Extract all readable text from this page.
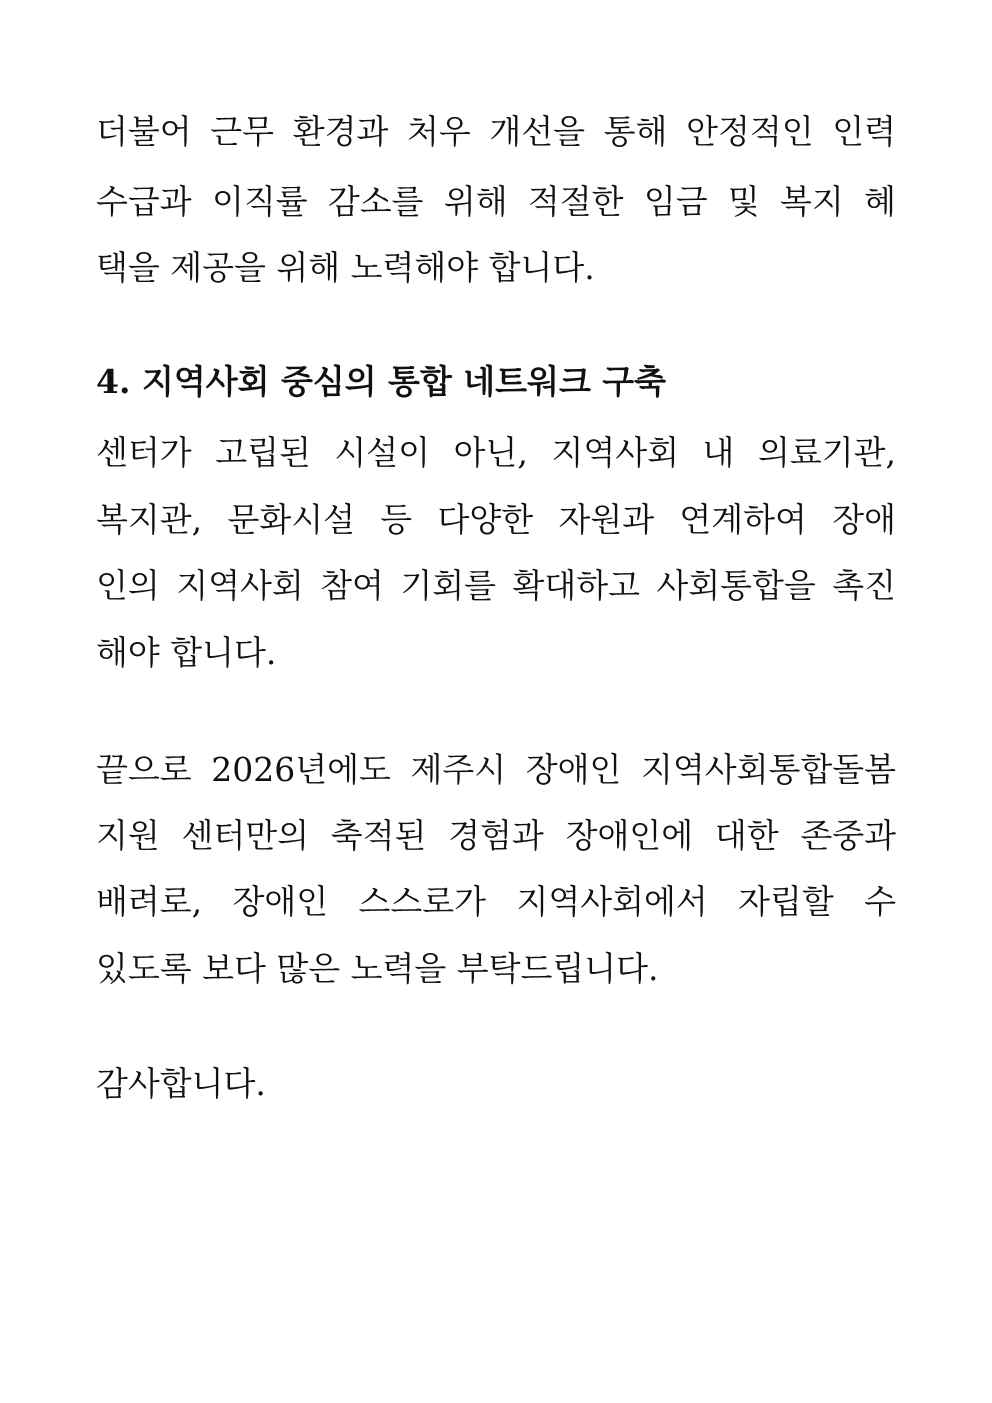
더불어 근무 환경과 처우 개선을 통해 안정적인 인력
수급과 이직률 감소를 위해 적절한 임금 및 복지 혜
택을 제공을 위해 노력해야 합니다.
4. 지역사회 중심의 통합 네트워크 구축
센터가 고립된 시설이 아닌, 지역사회 내 의료기관,
복지관, 문화시설 등 다양한 자원과 연계하여 장애
인의 지역사회 참여 기회를 확대하고 사회통합을 촉진
해야 합니다.
끝으로 2026년에도 제주시 장애인 지역사회통합돌봄
지원 센터만의 축적된 경험과 장애인에 대한 존중과
배려로, 장애인 스스로가 지역사회에서 자립할 수
있도록 보다 많은 노력을 부탁드립니다.
감사합니다.
